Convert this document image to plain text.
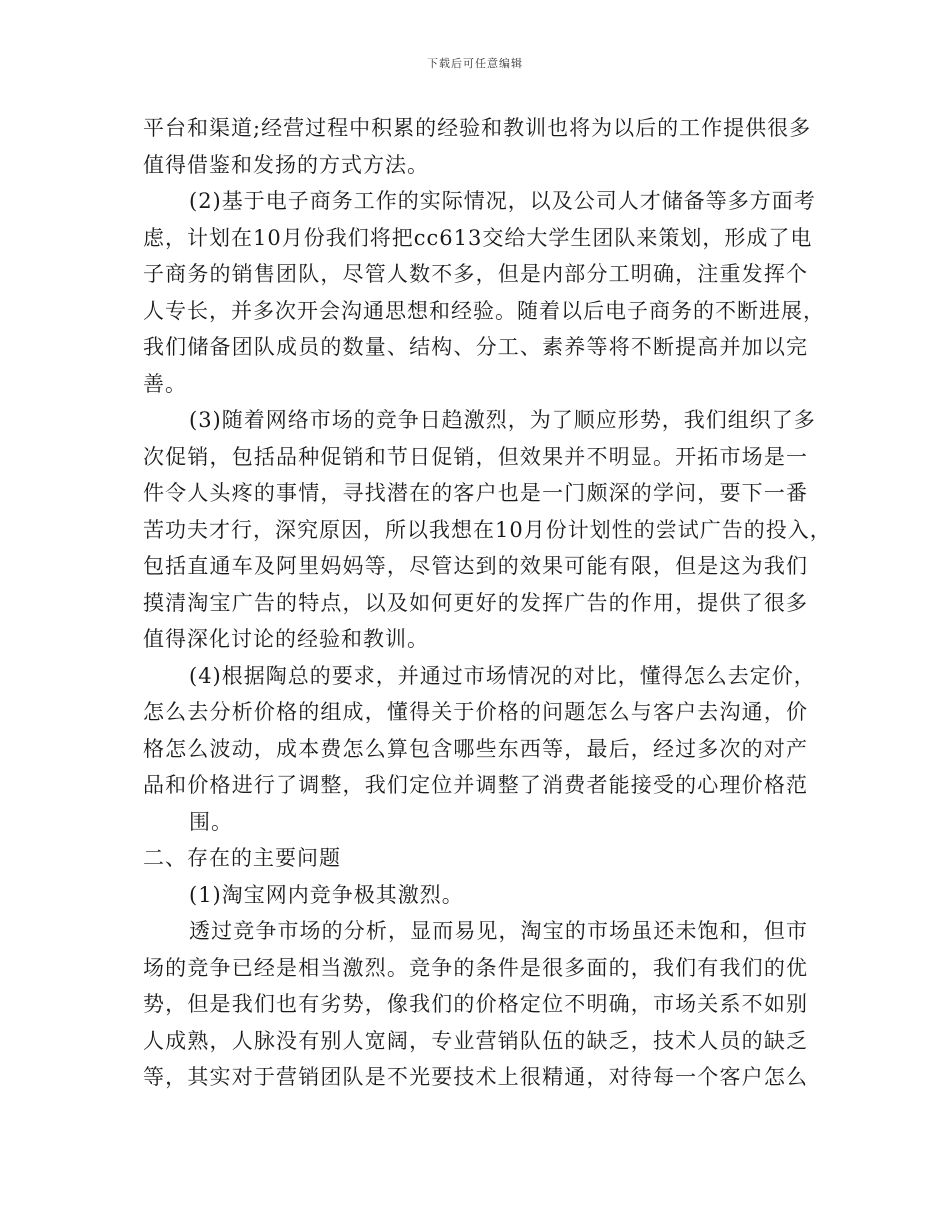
下载后可任意编辑
平台和渠道;经营过程中积累的经验和教训也将为以后的工作提供很多
值得借鉴和发扬的方式方法。
(2)基于电子商务工作的实际情况，以及公司人才储备等多方面考
虑，计划在10月份我们将把cc613交给大学生团队来策划，形成了电
子商务的销售团队，尽管人数不多，但是内部分工明确，注重发挥个
人专长，并多次开会沟通思想和经验。随着以后电子商务的不断进展，
我们储备团队成员的数量、结构、分工、素养等将不断提高并加以完
善。
(3)随着网络市场的竞争日趋激烈，为了顺应形势，我们组织了多
次促销，包括品种促销和节日促销，但效果并不明显。开拓市场是一
件令人头疼的事情，寻找潜在的客户也是一门颇深的学问，要下一番
苦功夫才行，深究原因，所以我想在10月份计划性的尝试广告的投入，
包括直通车及阿里妈妈等，尽管达到的效果可能有限，但是这为我们
摸清淘宝广告的特点，以及如何更好的发挥广告的作用，提供了很多
值得深化讨论的经验和教训。
(4)根据陶总的要求，并通过市场情况的对比，懂得怎么去定价，
怎么去分析价格的组成，懂得关于价格的问题怎么与客户去沟通，价
格怎么波动，成本费怎么算包含哪些东西等，最后，经过多次的对产
品和价格进行了调整，我们定位并调整了消费者能接受的心理价格范
围。
二、存在的主要问题
(1)淘宝网内竞争极其激烈。
透过竞争市场的分析，显而易见，淘宝的市场虽还未饱和，但市
场的竞争已经是相当激烈。竞争的条件是很多面的，我们有我们的优
势，但是我们也有劣势，像我们的价格定位不明确，市场关系不如别
人成熟，人脉没有别人宽阔，专业营销队伍的缺乏，技术人员的缺乏
等，其实对于营销团队是不光要技术上很精通，对待每一个客户怎么
